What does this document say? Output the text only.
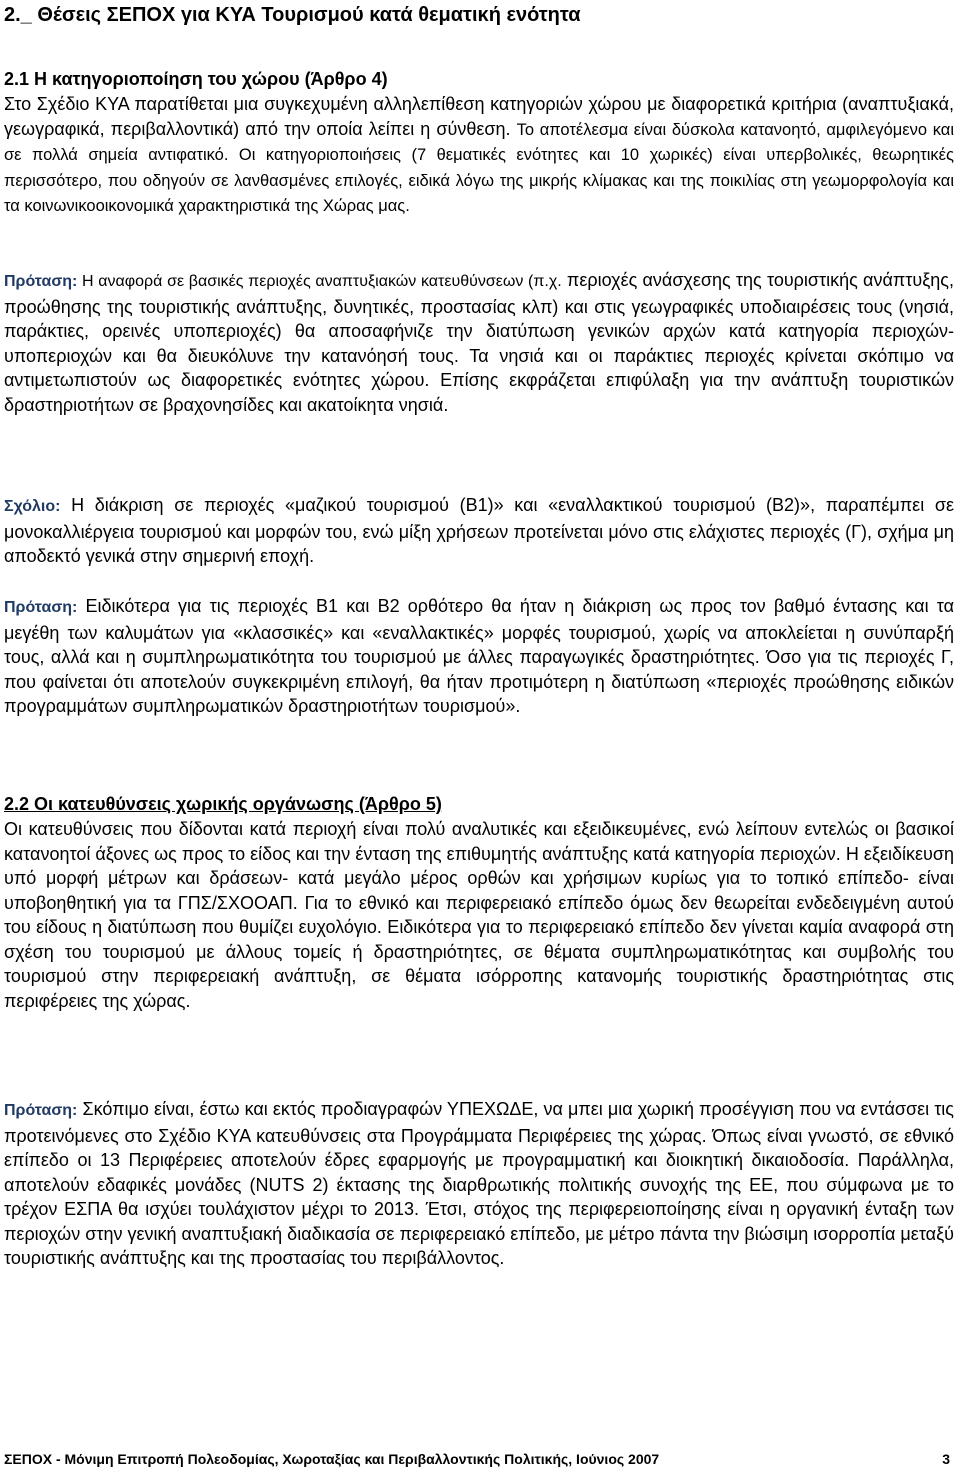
2._ Θέσεις ΣΕΠΟΧ για ΚΥΑ Τουρισμού κατά θεματική ενότητα
2.1 Η κατηγοριοποίηση του χώρου (Άρθρο 4)

Στο Σχέδιο ΚΥΑ παρατίθεται μια συγκεχυμένη αλληλεπίθεση κατηγοριών χώρου με διαφορετικά κριτήρια (αναπτυξιακά, γεωγραφικά, περιβαλλοντικά) από την οποία λείπει η σύνθεση. Το αποτέλεσμα είναι δύσκολα κατανοητό, αμφιλεγόμενο και σε πολλά σημεία αντιφατικό. Οι κατηγοριοποιήσεις (7 θεματικές ενότητες και 10 χωρικές) είναι υπερβολικές, θεωρητικές περισσότερο, που οδηγούν σε λανθασμένες επιλογές, ειδικά λόγω της μικρής κλίμακας και της ποικιλίας στη γεωμορφολογία και τα κοινωνικοοικονομικά χαρακτηριστικά της Χώρας μας.

Πρόταση: Η αναφορά σε βασικές περιοχές αναπτυξιακών κατευθύνσεων (π.χ. περιοχές ανάσχεσης της τουριστικής ανάπτυξης, προώθησης της τουριστικής ανάπτυξης, δυνητικές, προστασίας κλπ) και στις γεωγραφικές υποδιαιρέσεις τους (νησιά, παράκτιες, ορεινές υποπεριοχές) θα αποσαφήνιζε την διατύπωση γενικών αρχών κατά κατηγορία περιοχών-υποπεριοχών και θα διευκόλυνε την κατανόησή τους. Τα νησιά και οι παράκτιες περιοχές κρίνεται σκόπιμο να αντιμετωπιστούν ως διαφορετικές ενότητες χώρου. Επίσης εκφράζεται επιφύλαξη για την ανάπτυξη τουριστικών δραστηριοτήτων σε βραχονησίδες και ακατοίκητα νησιά.

Σχόλιο: Η διάκριση σε περιοχές «μαζικού τουρισμού (Β1)» και «εναλλακτικού τουρισμού (Β2)», παραπέμπει σε μονοκαλλιέργεια τουρισμού και μορφών του, ενώ μίξη χρήσεων προτείνεται μόνο στις ελάχιστες περιοχές (Γ), σχήμα μη αποδεκτό γενικά στην σημερινή εποχή.

Πρόταση: Ειδικότερα για τις περιοχές Β1 και Β2 ορθότερο θα ήταν η διάκριση ως προς τον βαθμό έντασης και τα μεγέθη των καλυμάτων για «κλασσικές» και «εναλλακτικές» μορφές τουρισμού, χωρίς να αποκλείεται η συνύπαρξή τους, αλλά και η συμπληρωματικότητα του τουρισμού με άλλες παραγωγικές δραστηριότητες. Όσο για τις περιοχές Γ, που φαίνεται ότι αποτελούν συγκεκριμένη επιλογή, θα ήταν προτιμότερη η διατύπωση «περιοχές προώθησης ειδικών προγραμμάτων συμπληρωματικών δραστηριοτήτων τουρισμού».

2.2 Οι κατευθύνσεις χωρικής οργάνωσης (Άρθρο 5)

Οι κατευθύνσεις που δίδονται κατά περιοχή είναι πολύ αναλυτικές και εξειδικευμένες, ενώ λείπουν εντελώς οι βασικοί κατανοητοί άξονες ως προς το είδος και την ένταση της επιθυμητής ανάπτυξης κατά κατηγορία περιοχών. Η εξειδίκευση υπό μορφή μέτρων και δράσεων- κατά μεγάλο μέρος ορθών και χρήσιμων κυρίως για το τοπικό επίπεδο- είναι υποβοηθητική για τα ΓΠΣ/ΣΧΟΟΑΠ. Για το εθνικό και περιφερειακό επίπεδο όμως δεν θεωρείται ενδεδειγμένη αυτού του είδους η διατύπωση που θυμίζει ευχολόγιο. Ειδικότερα για το περιφερειακό επίπεδο δεν γίνεται καμία αναφορά στη σχέση του τουρισμού με άλλους τομείς ή δραστηριότητες, σε θέματα συμπληρωματικότητας και συμβολής του τουρισμού στην περιφερειακή ανάπτυξη, σε θέματα ισόρροπης κατανομής τουριστικής δραστηριότητας στις περιφέρειες της χώρας.

Πρόταση: Σκόπιμο είναι, έστω και εκτός προδιαγραφών ΥΠΕΧΩΔΕ, να μπει μια χωρική προσέγγιση που να εντάσσει τις προτεινόμενες στο Σχέδιο ΚΥΑ κατευθύνσεις στα Προγράμματα Περιφέρειες της χώρας. Όπως είναι γνωστό, σε εθνικό επίπεδο οι 13 Περιφέρειες αποτελούν έδρες εφαρμογής με προγραμματική και διοικητική δικαιοδοσία. Παράλληλα, αποτελούν εδαφικές μονάδες (NUTS 2) έκτασης της διαρθρωτικής πολιτικής συνοχής της ΕΕ, που σύμφωνα με το τρέχον ΕΣΠΑ θα ισχύει τουλάχιστον μέχρι το 2013. Έτσι, στόχος της περιφερειοποίησης είναι η οργανική ένταξη των περιοχών στην γενική αναπτυξιακή διαδικασία σε περιφερειακό επίπεδο, με μέτρο πάντα την βιώσιμη ισορροπία μεταξύ τουριστικής ανάπτυξης και της προστασίας του περιβάλλοντος.

ΣΕΠΟΧ - Μόνιμη Επιτροπή Πολεοδομίας, Χωροταξίας και Περιβαλλοντικής Πολιτικής, Ιούνιος 2007	3
